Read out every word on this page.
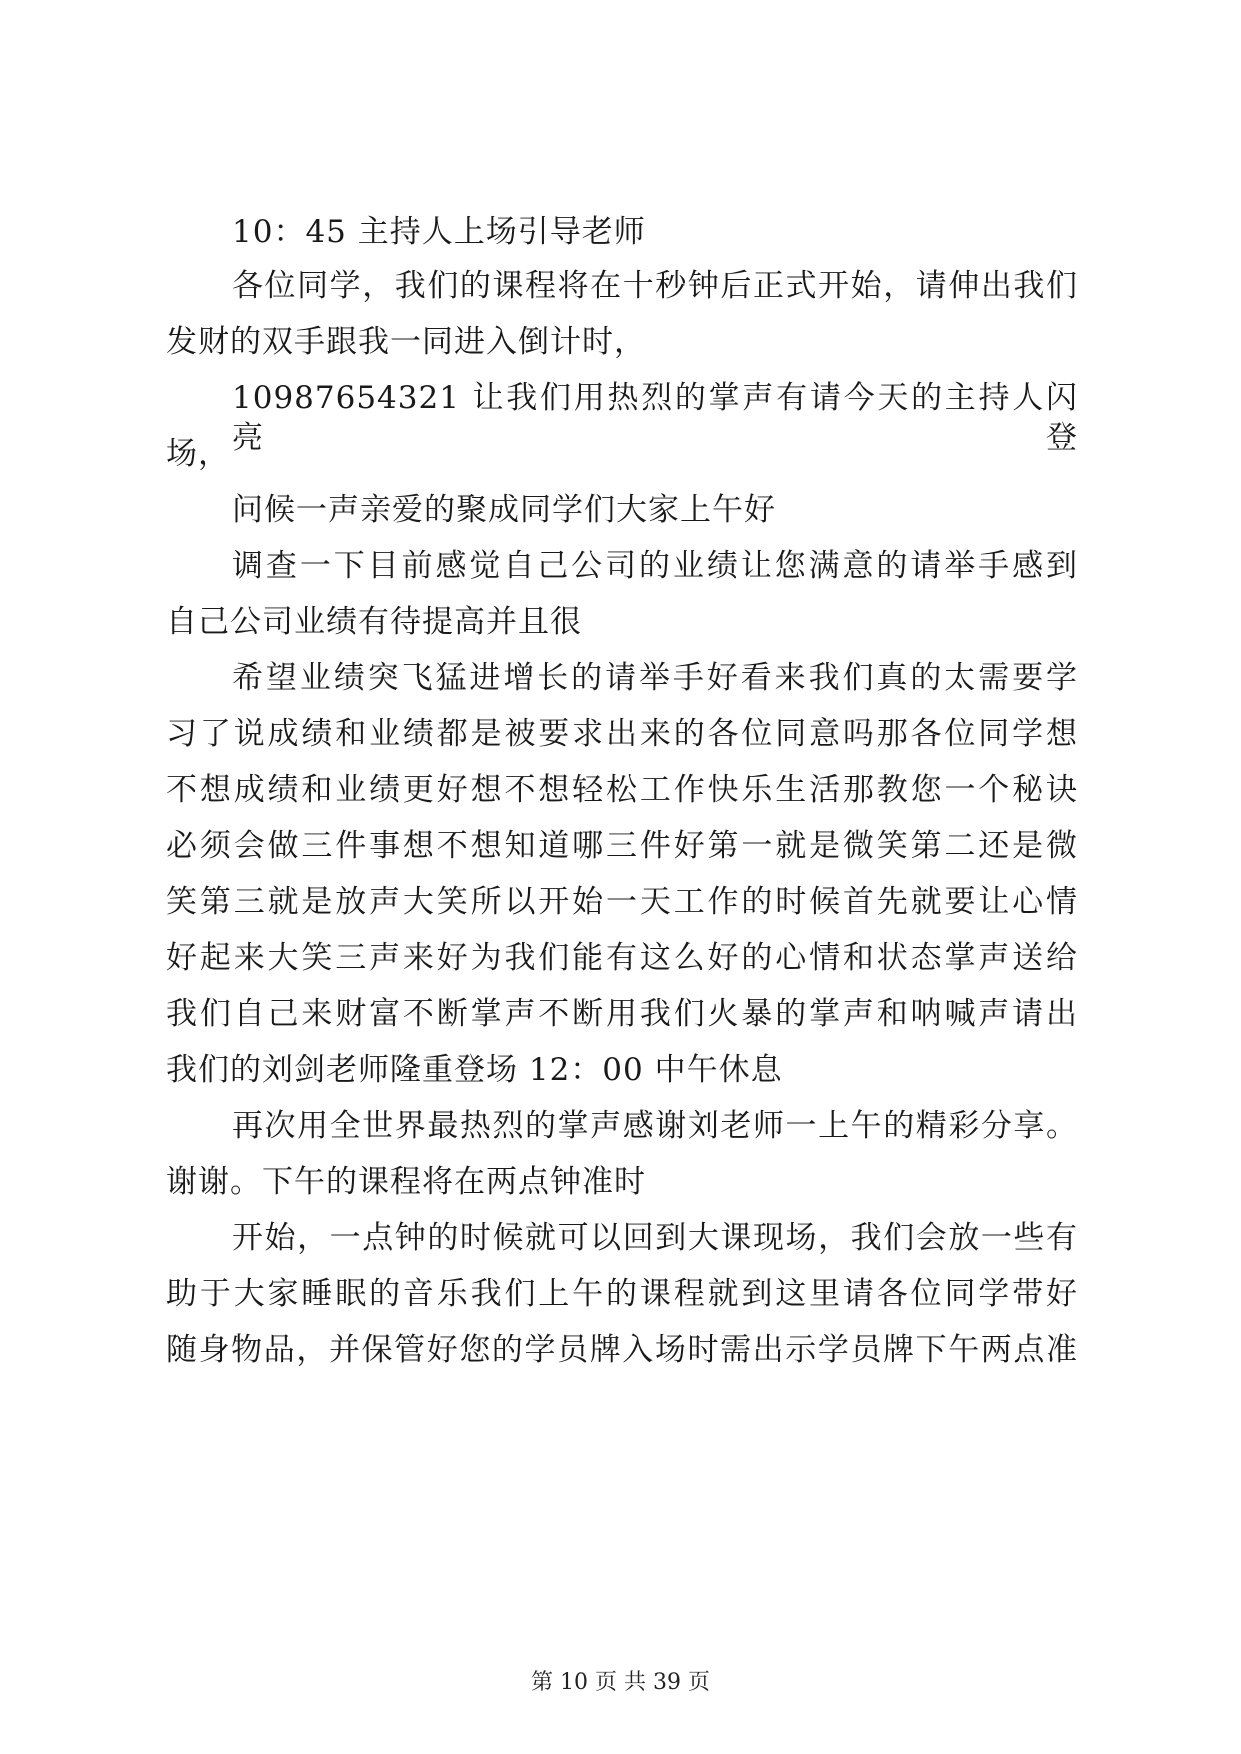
10：45 主持人上场引导老师
各位同学，我们的课程将在十秒钟后正式开始，请伸出我们
发财的双手跟我一同进入倒计时，
10987654321 让我们用热烈的掌声有请今天的主持人闪亮登
场，
问候一声亲爱的聚成同学们大家上午好
调查一下目前感觉自己公司的业绩让您满意的请举手感到
自己公司业绩有待提高并且很
希望业绩突飞猛进增长的请举手好看来我们真的太需要学
习了说成绩和业绩都是被要求出来的各位同意吗那各位同学想
不想成绩和业绩更好想不想轻松工作快乐生活那教您一个秘诀
必须会做三件事想不想知道哪三件好第一就是微笑第二还是微
笑第三就是放声大笑所以开始一天工作的时候首先就要让心情
好起来大笑三声来好为我们能有这么好的心情和状态掌声送给
我们自己来财富不断掌声不断用我们火暴的掌声和呐喊声请出
我们的刘剑老师隆重登场 12：00 中午休息
再次用全世界最热烈的掌声感谢刘老师一上午的精彩分享。
谢谢。下午的课程将在两点钟准时
开始，一点钟的时候就可以回到大课现场，我们会放一些有
助于大家睡眠的音乐我们上午的课程就到这里请各位同学带好
随身物品，并保管好您的学员牌入场时需出示学员牌下午两点准
第 10 页 共 39 页
